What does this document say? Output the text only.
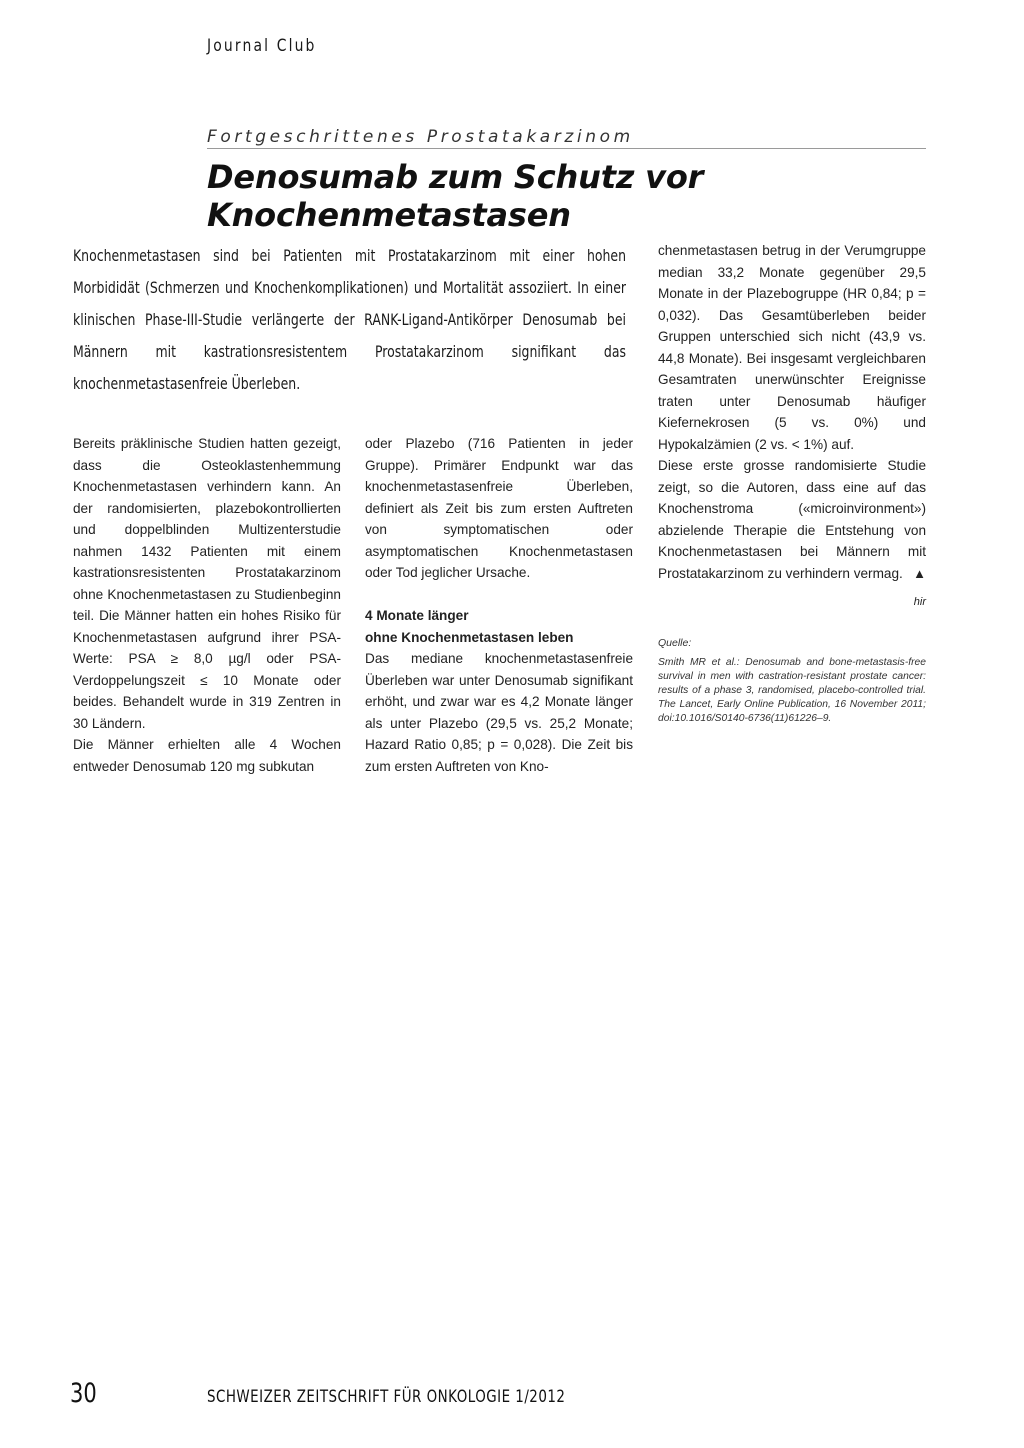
Journal Club
Fortgeschrittenes Prostatakarzinom
Denosumab zum Schutz vor Knochenmetastasen
Knochenmetastasen sind bei Patienten mit Prostatakarzinom mit einer hohen Morbididät (Schmerzen und Knochenkomplikationen) und Mortalität assoziiert. In einer klinischen Phase-III-Studie verlängerte der RANK-Ligand-Antikörper Denosumab bei Männern mit kastrationsresistentem Prostatakarzinom signifikant das knochenmetastasenfreie Überleben.

Bereits präklinische Studien hatten gezeigt, dass die Osteoklastenhemmung Knochenmetastasen verhindern kann. An der randomisierten, plazebokontrollierten und doppelblinden Multizenterstudie nahmen 1432 Patienten mit einem kastrationsresistenten Prostatakarzinom ohne Knochenmetastasen zu Studienbeginn teil. Die Männer hatten ein hohes Risiko für Knochenmetastasen aufgrund ihrer PSA-Werte: PSA ≥ 8,0 µg/l oder PSA-Verdoppelungszeit ≤ 10 Monate oder beides. Behandelt wurde in 319 Zentren in 30 Ländern.

Die Männer erhielten alle 4 Wochen entweder Denosumab 120 mg subkutan

oder Plazebo (716 Patienten in jeder Gruppe). Primärer Endpunkt war das knochenmetastasenfreie Überleben, definiert als Zeit bis zum ersten Auftreten von symptomatischen oder asymptomatischen Knochenmetastasen oder Tod jeglicher Ursache.

4 Monate länger

ohne Knochenmetastasen leben

Das mediane knochenmetastasenfreie Überleben war unter Denosumab signifikant erhöht, und zwar war es 4,2 Monate länger als unter Plazebo (29,5 vs. 25,2 Monate; Hazard Ratio 0,85; p = 0,028). Die Zeit bis zum ersten Auftreten von Kno-

chenmetastasen betrug in der Verumgruppe median 33,2 Monate gegenüber 29,5 Monate in der Plazebogruppe (HR 0,84; p = 0,032). Das Gesamtüberleben beider Gruppen unterschied sich nicht (43,9 vs. 44,8 Monate). Bei insgesamt vergleichbaren Gesamtraten unerwünschter Ereignisse traten unter Denosumab häufiger Kiefernekrosen (5 vs. 0%) und Hypokalzämien (2 vs. < 1%) auf.

Diese erste grosse randomisierte Studie zeigt, so die Autoren, dass eine auf das Knochenstroma («microinvironment») abzielende Therapie die Entstehung von Knochenmetastasen bei Männern mit Prostatakarzinom zu verhindern vermag. ▲

hir
Quelle:
Smith MR et al.: Denosumab and bone-metastasis-free survival in men with castration-resistant prostate cancer: results of a phase 3, randomised, placebo-controlled trial. The Lancet, Early Online Publication, 16 November 2011; doi:10.1016/S0140-6736(11)61226–9.
30	SCHWEIZER ZEITSCHRIFT FÜR ONKOLOGIE 1/2012
